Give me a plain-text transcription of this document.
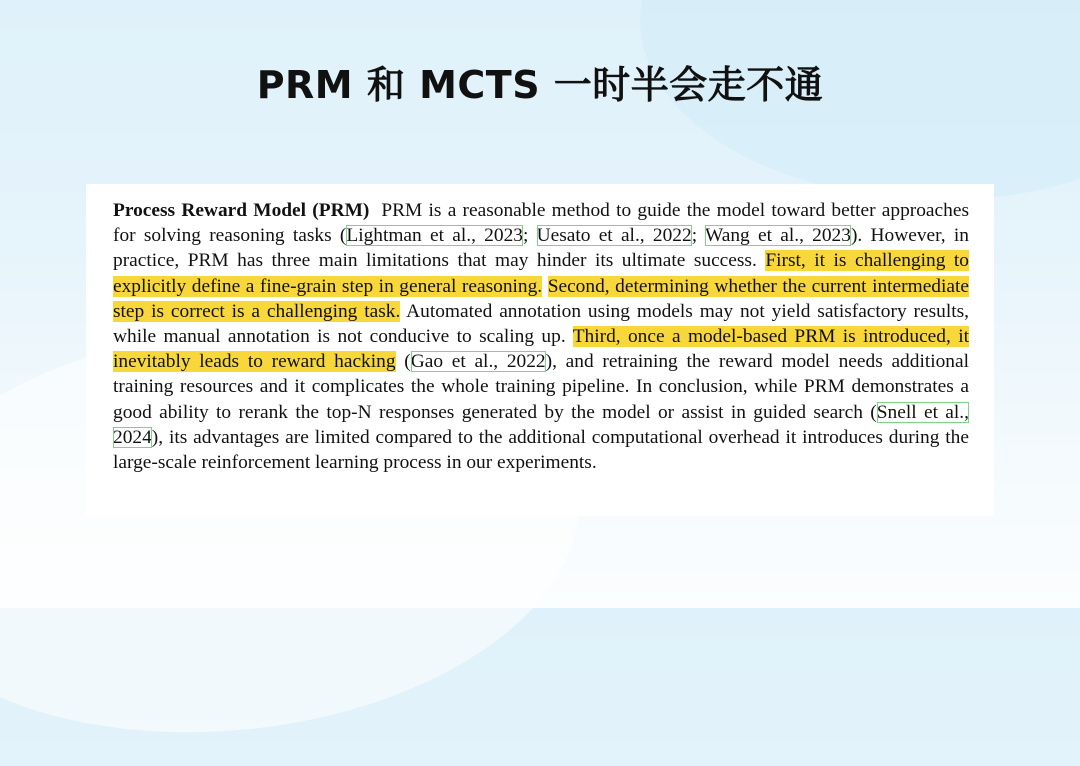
PRM 和 MCTS 一时半会走不通

Process Reward Model (PRM) PRM is a reasonable method to guide the model toward better approaches for solving reasoning tasks (Lightman et al., 2023; Uesato et al., 2022; Wang et al., 2023). However, in practice, PRM has three main limitations that may hinder its ultimate success. First, it is challenging to explicitly define a fine-grain step in general reasoning. Second, determining whether the current intermediate step is correct is a challenging task. Automated annotation using models may not yield satisfactory results, while manual annotation is not conducive to scaling up. Third, once a model-based PRM is introduced, it inevitably leads to reward hacking (Gao et al., 2022), and retraining the reward model needs additional training resources and it complicates the whole training pipeline. In conclusion, while PRM demonstrates a good ability to rerank the top-N responses generated by the model or assist in guided search (Snell et al., 2024), its advantages are limited compared to the additional computational overhead it introduces during the large-scale reinforcement learning process in our experiments.
